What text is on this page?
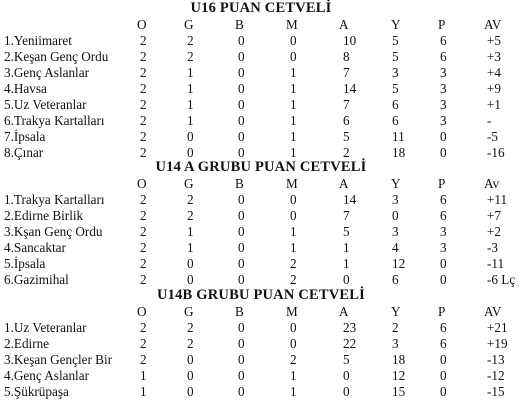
U16 PUAN CETVELİ
O	G	B	M	A	Y	P	AV
1.Yeniimaret	2	2	0	0	10	5	6	+5
2.Keşan Genç Ordu 2	2	0	0	8	5	6	+3
3.Genç Aslanlar	2	1	0	1	7	3	3	+4
4.Havsa	2	1	0	1	14	5	3	+9
5.Uz Veteranlar	2	1	0	1	7	6	3	+1
6.Trakya Kartalları	2	1	0	1	6	6	3	-
7.İpsala	2	0	0	1	5	11	0	-5
8.Çınar	2	0	0	1	2	18	0	-16
U14 A GRUBU PUAN CETVELİ
O	G	B	M	A	Y	P	Av
1.Trakya Kartalları	2	2	0	0	14	3	6	+11
2.Edirne Birlik	2	2	0	0	7	0	6	+7
3.Kşan Genç Ordu	2	1	0	1	5	3	3	+2
4.Sancaktar	2	1	0	1	1	4	3	-3
5.İpsala	2	0	0	2	1	12	0	-11
6.Gazimihal	2	0	0	2	0	6	0	-6 Lç
U14B GRUBU PUAN CETVELİ
O	G	B	M	A	Y	P	AV
1.Uz Veteranlar	2	2	0	0	23	2	6	+21
2.Edirne	2	2	0	0	22	3	6	+19
3.Keşan Gençler Bir 2	0	0	2	5	18	0	-13
4.Genç Aslanlar	1	0	0	1	0	12	0	-12
5.Şükrüpaşa	1	0	0	1	0	15	0	-15
